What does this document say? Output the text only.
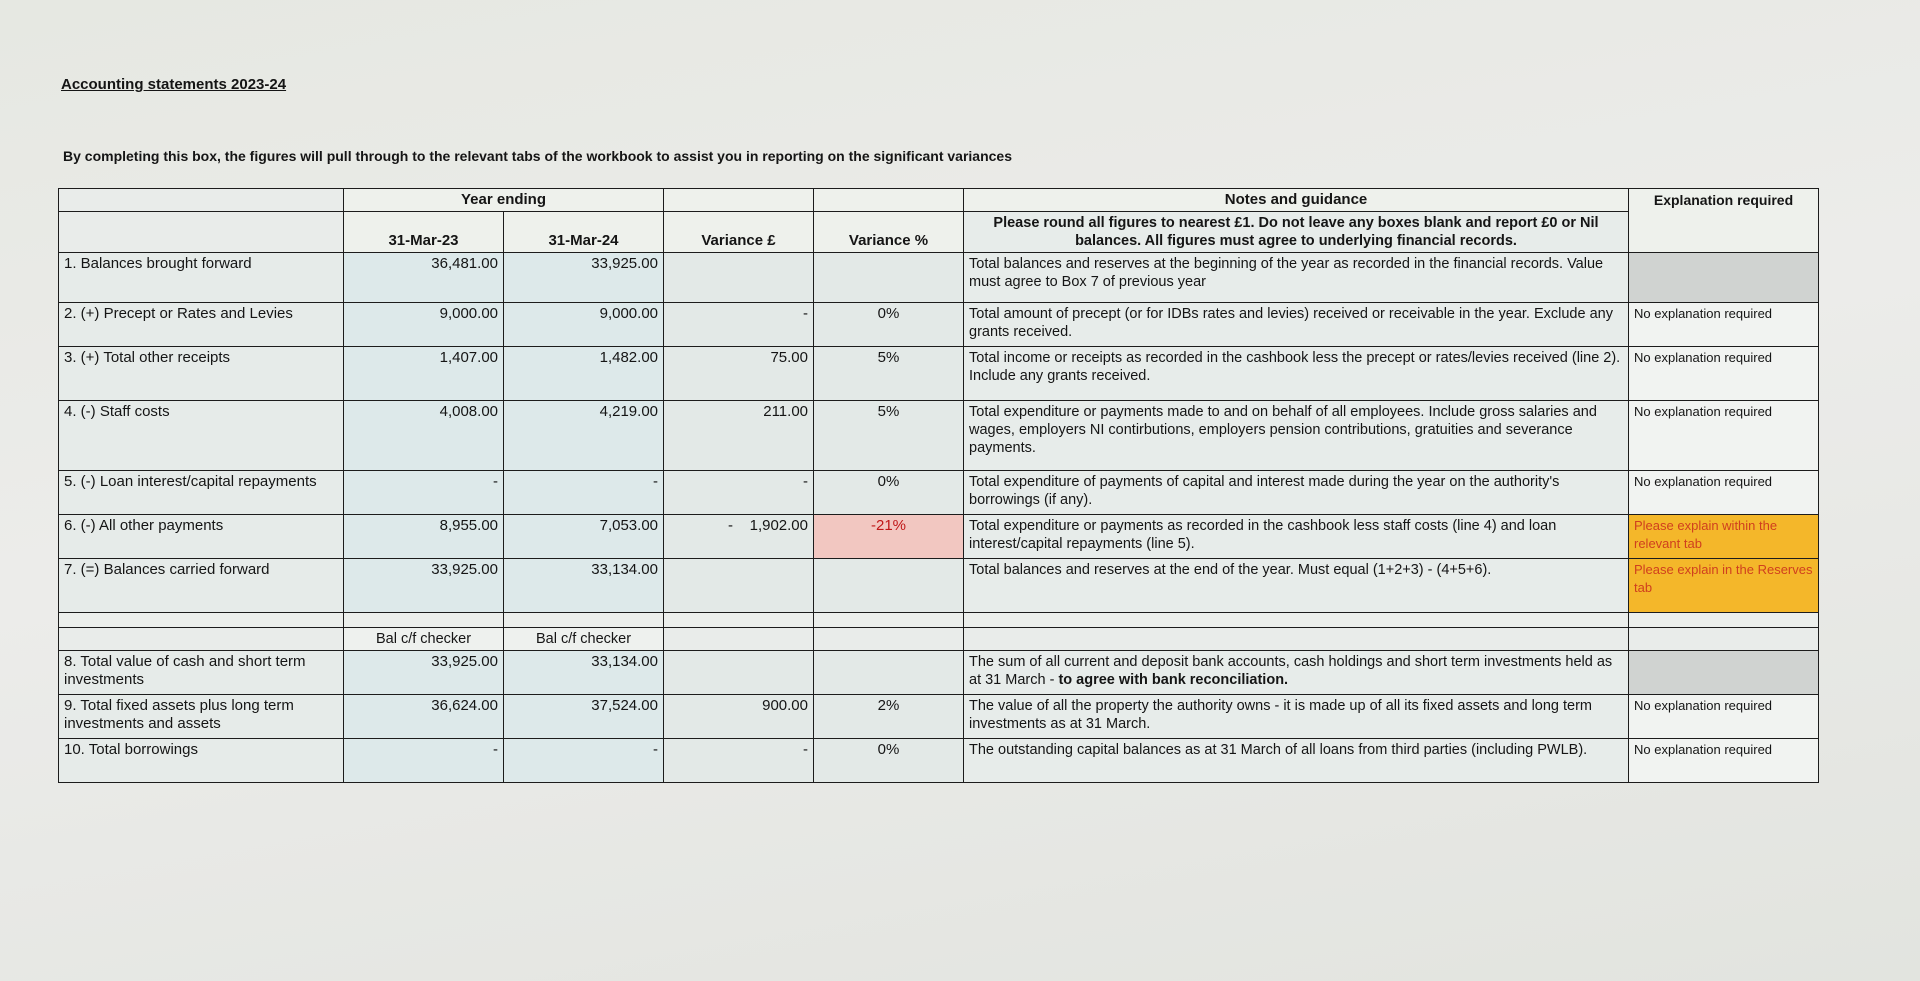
Accounting statements 2023-24
By completing this box, the figures will pull through to the relevant tabs of the workbook to assist you in reporting on the significant variances
	Year ending				Notes and guidance	Explanation required
	31-Mar-23	31-Mar-24	Variance £	Variance %	Please round all figures to nearest £1. Do not leave any boxes blank and report £0 or Nil balances. All figures must agree to underlying financial records.	
1. Balances brought forward	36,481.00	33,925.00			Total balances and reserves at the beginning of the year as recorded in the financial records. Value must agree to Box 7 of previous year	
2. (+) Precept or Rates and Levies	9,000.00	9,000.00	-	0%	Total amount of precept (or for IDBs rates and levies) received or receivable in the year. Exclude any grants received.	No explanation required
3. (+) Total other receipts	1,407.00	1,482.00	75.00	5%	Total income or receipts as recorded in the cashbook less the precept or rates/levies received (line 2). Include any grants received.	No explanation required
4. (-) Staff costs	4,008.00	4,219.00	211.00	5%	Total expenditure or payments made to and on behalf of all employees. Include gross salaries and wages, employers NI contirbutions, employers pension contributions, gratuities and severance payments.	No explanation required
5. (-) Loan interest/capital repayments	-	-	-	0%	Total expenditure of payments of capital and interest made during the year on the authority's borrowings (if any).	No explanation required
6. (-) All other payments	8,955.00	7,053.00	-    1,902.00	-21%	Total expenditure or payments as recorded in the cashbook less staff costs (line 4) and loan interest/capital repayments (line 5).	Please explain within the relevant tab
7. (=) Balances carried forward	33,925.00	33,134.00			Total balances and reserves at the end of the year. Must equal (1+2+3) - (4+5+6).	Please explain in the Reserves tab

	Bal c/f checker	Bal c/f checker				
8. Total value of cash and short term investments	33,925.00	33,134.00			The sum of all current and deposit bank accounts, cash holdings and short term investments held as at 31 March - to agree with bank reconciliation.	
9. Total fixed assets plus long term investments and assets	36,624.00	37,524.00	900.00	2%	The value of all the property the authority owns - it is made up of all its fixed assets and long term investments as at 31 March.	No explanation required
10. Total borrowings	-	-	-	0%	The outstanding capital balances as at 31 March of all loans from third parties (including PWLB).	No explanation required
